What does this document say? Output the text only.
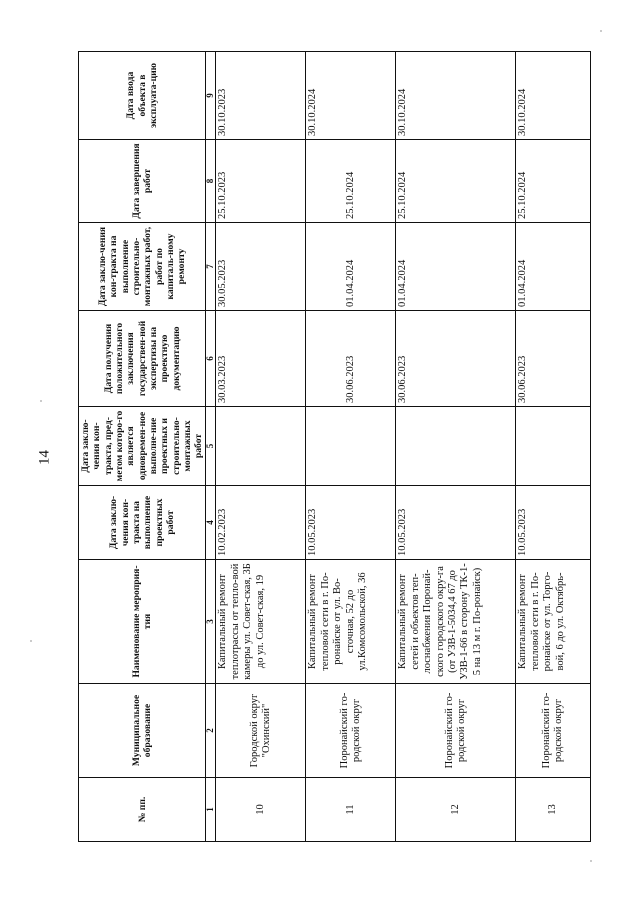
14
№ пп.	Муниципальное образование	Наименование мероприя-тия	Дата заклю-чения кон-тракта на выполнение проектных работ	Дата заклю-чения кон-тракта, пред-метом которо-го является одновремен-ное выполне-ние проектных и строительно-монтажных работ	Дата получения положительного заключения государствен-ной экспертизы на проектную документацию	Дата заклю-чения кон-тракта на выполнение строительно-монтажных работ, работ по капиталь-ному ремонту	Дата завершения работ	Дата ввода объекта в эксплуата-цию
1	2	3	4	5	6	7	8	9
10	Городской округ "Охинский"	Капитальный ремонт теплотрассы от тепло-вой камеры ул. Совет-ская, 3Б до ул. Совет-ская, 19	10.02.2023		30.03.2023	30.05.2023	25.10.2023	30.10.2023
11	Поронайский го-родской округ	Капитальный ремонт тепловой сети в г. По-ронайске от ул. Во-сточная, 52 до ул.Комсомольской, 36	10.05.2023		30.06.2023	01.04.2024	25.10.2024	30.10.2024
12	Поронайский го-родской округ	Капитальный ремонт сетей и объектов теп-лоснабжения Поронай-ского городского окру-га (от УЗВ-1-5034,4 67 до УЗВ-1-66 в сторону ТК-1-5 на 13 м г. По-ронайск)	10.05.2023		30.06.2023	01.04.2024	25.10.2024	30.10.2024
13	Поронайский го-родской округ	Капитальный ремонт тепловой сети в г. По-ронайске от ул. Торго-вой, 6 до ул. Октябрь-	10.05.2023		30.06.2023	01.04.2024	25.10.2024	30.10.2024
